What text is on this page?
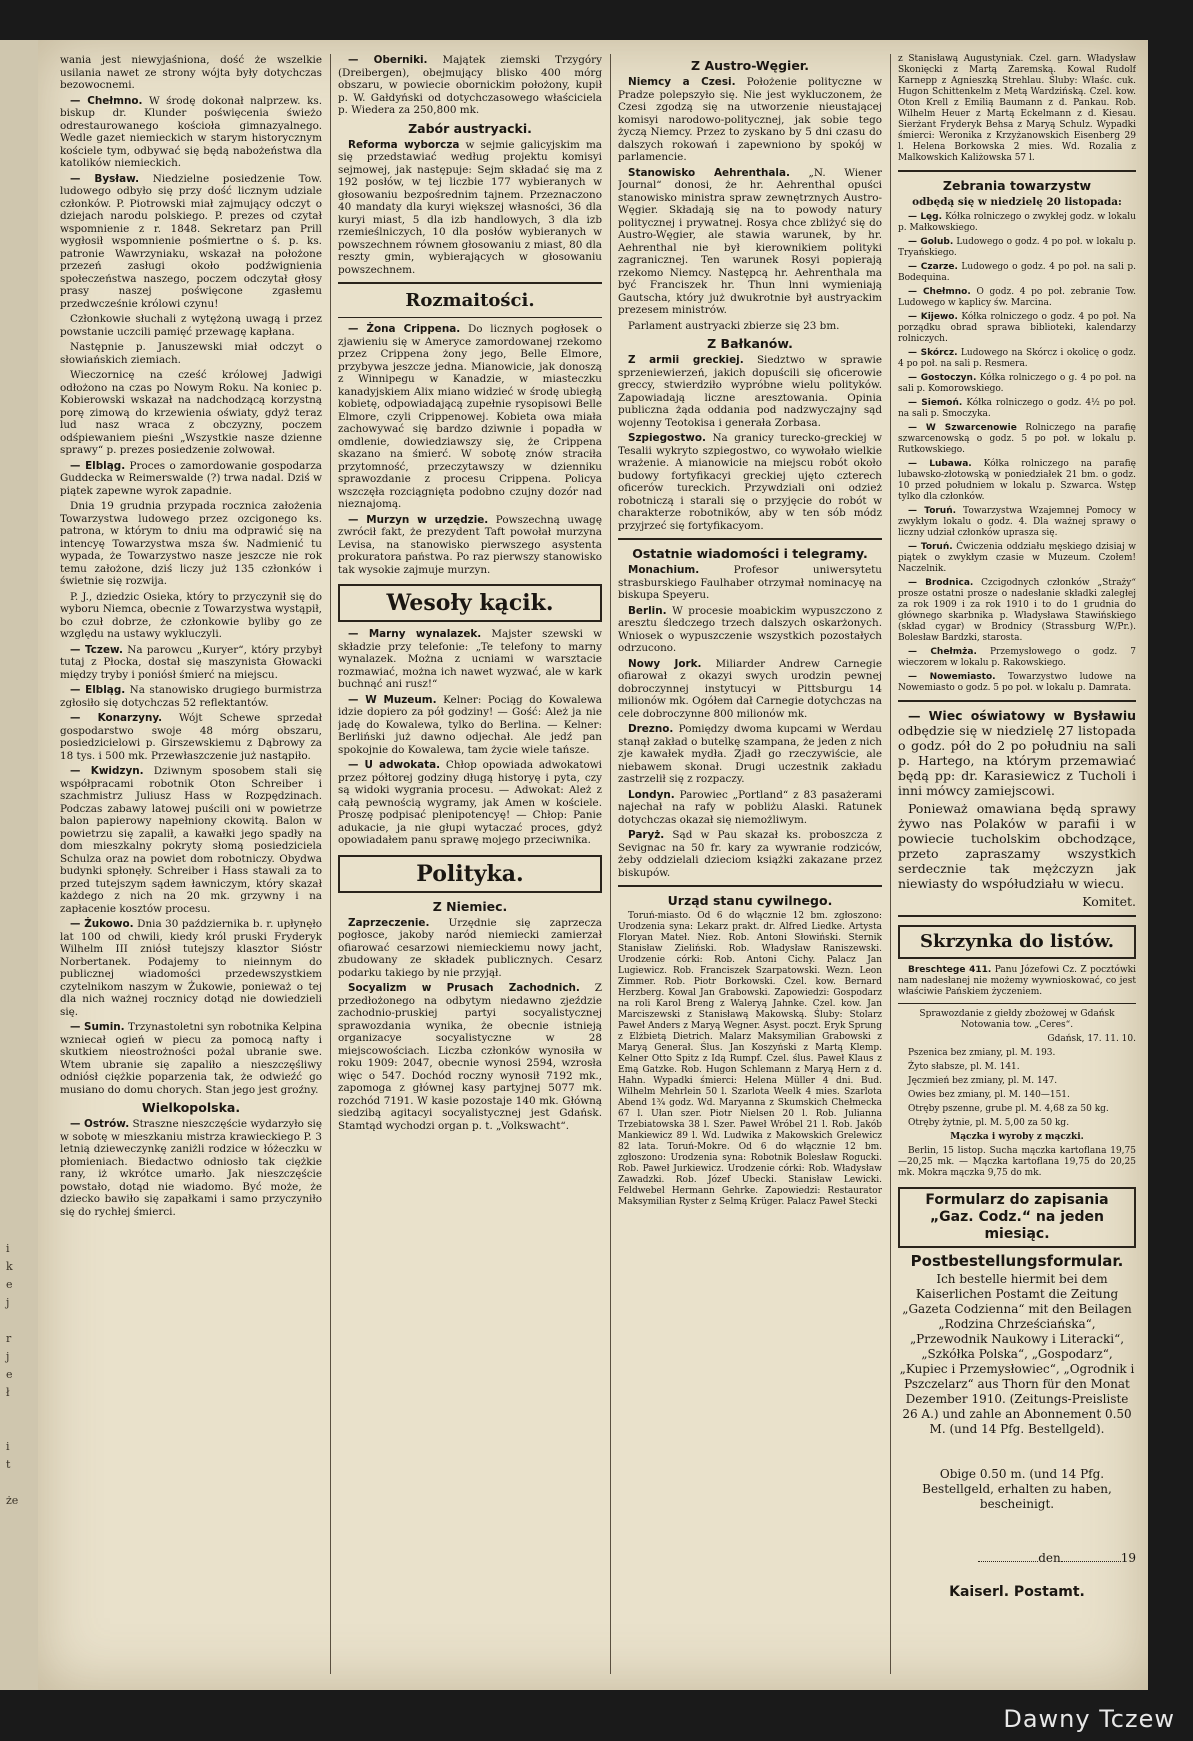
i
k
e
j

r
j
e
ł

i
t

że

wania jest niewyjaśniona, dość że wszelkie usilania nawet ze strony wójta były dotychczas bezowocnemi.

— Chełmno. W środę dokonał nalprzew. ks. biskup dr. Klunder poświęcenia świeżo odrestaurowanego kościoła gimnazyalnego. Wedle gazet niemieckich w starym historycznym kościele tym, odbywać się będą nabożeństwa dla katolików niemieckich.

— Bysław. Niedzielne posiedzenie Tow. ludowego odbyło się przy dość licznym udziale członków. P. Piotrowski miał zajmujący odczyt o dziejach narodu polskiego. P. prezes od czytał wspomnienie z r. 1848. Sekretarz pan Prill wygłosił wspomnienie pośmiertne o ś. p. ks. patronie Wawrzyniaku, wskazał na położone przezeń zasługi około podźwignienia społeczeństwa naszego, poczem odczytał głosy prasy naszej poświęcone zgasłemu przedwcześnie królowi czynu!

Członkowie słuchali z wytężoną uwagą i przez powstanie uczcili pamięć przewagę kapłana.

Następnie p. Januszewski miał odczyt o słowiańskich ziemiach.

Wieczornicę na cześć królowej Jadwigi odłożono na czas po Nowym Roku. Na koniec p. Kobierowski wskazał na nadchodzącą korzystną porę zimową do krzewienia oświaty, gdyż teraz lud nasz wraca z obczyzny, poczem odśpiewaniem pieśni „Wszystkie nasze dzienne sprawy“ p. prezes posiedzenie zolwował.

— Elbląg. Proces o zamordowanie gospodarza Guddecka w Reimerswalde (?) trwa nadal. Dziś w piątek zapewne wyrok zapadnie.

Dnia 19 grudnia przypada rocznica założenia Towarzystwa ludowego przez ozcigonego ks. patrona, w którym to dniu ma odprawić się na intencyę Towarzystwa msza św. Nadmienić tu wypada, że Towarzystwo nasze jeszcze nie rok temu założone, dziś liczy już 135 członków i świetnie się rozwija.

P. J., dziedzic Osieka, który to przyczynił się do wyboru Niemca, obecnie z Towarzystwa wystąpił, bo czuł dobrze, że członkowie byliby go ze względu na ustawy wykluczyli.

— Tczew. Na parowcu „Kuryer“, który przybył tutaj z Płocka, dostał się maszynista Głowacki między tryby i poniósł śmierć na miejscu.

— Elbląg. Na stanowisko drugiego burmistrza zgłosiło się dotychczas 52 reflektantów.

— Konarzyny. Wójt Schewe sprzedał gospodarstwo swoje 48 mórg obszaru, posiedzicielowi p. Girszewskiemu z Dąbrowy za 18 tys. i 500 mk. Przewłaszczenie już nastąpiło.

— Kwidzyn. Dziwnym sposobem stali się współpracami robotnik Oton Schreiber i szachmistrz Juliusz Hass w Rozpędzinach. Podczas zabawy latowej puścili oni w powietrze balon papierowy napełniony ckowitą. Balon w powietrzu się zapalił, a kawałki jego spadły na dom mieszkalny pokryty słomą posiedziciela Schulza oraz na powiet dom robotniczy. Obydwa budynki spłonęły. Schreiber i Hass stawali za to przed tutejszym sądem ławniczym, który skazał każdego z nich na 20 mk. grzywny i na zapłacenie kosztów procesu.

— Żukowo. Dnia 30 października b. r. upłynęło lat 100 od chwili, kiedy król pruski Fryderyk Wilhelm III zniósł tutejszy klasztor Sióstr Norbertanek. Podajemy to nieinnym do publicznej wiadomości przedewszystkiem czytelnikom naszym w Żukowie, ponieważ o tej dla nich ważnej rocznicy dotąd nie dowiedzieli się.

— Sumin. Trzynastoletni syn robotnika Kelpina wzniecał ogień w piecu za pomocą nafty i skutkiem nieostrożności pożal ubranie swe. Wtem ubranie się zapaliło a nieszczęśliwy odniósł ciężkie poparzenia tak, że odwieźć go musiano do domu chorych. Stan jego jest groźny.

Wielkopolska.

— Ostrów. Straszne nieszczęście wydarzyło się w sobotę w mieszkaniu mistrza krawieckiego P. 3 letnią dzieweczynkę zaniżli rodzice w łóżeczku w płomieniach. Biedactwo odniosło tak ciężkie rany, iż wkrótce umarło. Jak nieszczęście powstało, dotąd nie wiadomo. Być może, że dziecko bawiło się zapałkami i samo przyczyniło się do rychłej śmierci.

— Oberniki. Majątek ziemski Trzygóry (Dreibergen), obejmujący blisko 400 mórg obszaru, w powiecie obornickim położony, kupił p. W. Gałdyński od dotychczasowego właściciela p. Wiedera za 250,800 mk.

Zabór austryacki.

Reforma wyborcza w sejmie galicyjskim ma się przedstawiać według projektu komisyi sejmowej, jak następuje: Sejm składać się ma z 192 posłów, w tej liczbie 177 wybieranych w głosowaniu bezpośrednim tajnem. Przeznaczono 40 mandaty dla kuryi większej własności, 36 dla kuryi miast, 5 dla izb handlowych, 3 dla izb rzemieślniczych, 10 dla posłów wybieranych w powszechnem równem głosowaniu z miast, 80 dla reszty gmin, wybierających w głosowaniu powszechnem.

Rozmaitości.

— Żona Crippena. Do licznych pogłosek o zjawieniu się w Ameryce zamordowanej rzekomo przez Crippena żony jego, Belle Elmore, przybywa jeszcze jedna. Mianowicie, jak donoszą z Winnipegu w Kanadzie, w miasteczku kanadyjskiem Alix miano widzieć w środę ubiegłą kobietę, odpowiadającą zupełnie rysopisowi Belle Elmore, czyli Crippenowej. Kobieta owa miała zachowywać się bardzo dziwnie i popadła w omdlenie, dowiedziawszy się, że Crippena skazano na śmierć. W sobotę znów straciła przytomność, przeczytawszy w dzienniku sprawozdanie z procesu Crippena. Policya wszczęła rozciągnięta podobno czujny dozór nad nieznajomą.

— Murzyn w urzędzie. Powszechną uwagę zwrócił fakt, że prezydent Taft powołał murzyna Levisa, na stanowisko pierwszego asystenta prokuratora państwa. Po raz pierwszy stanowisko tak wysokie zajmuje murzyn.

Wesoły kącik.

— Marny wynalazek. Majster szewski w składzie przy telefonie: „Te telefony to marny wynalazek. Można z ucniami w warsztacie rozmawiać, można ich nawet wyzwać, ale w kark buchnąć ani rusz!“

— W Muzeum. Kelner: Pociąg do Kowalewa idzie dopiero za pół godziny! — Gość: Ależ ja nie jadę do Kowalewa, tylko do Berlina. — Kelner: Berliński już dawno odjechał. Ale jedź pan spokojnie do Kowalewa, tam życie wiele tańsze.

— U adwokata. Chłop opowiada adwokatowi przez półtorej godziny długą historyę i pyta, czy są widoki wygrania procesu. — Adwokat: Ależ z całą pewnością wygramy, jak Amen w kościele. Proszę podpisać plenipotencyę! — Chłop: Panie adukacie, ja nie głupi wytaczać proces, gdyż opowiadałem panu sprawę mojego przeciwnika.

Polityka.
Z Niemiec.

Zaprzeczenie. Urzędnie się zaprzecza pogłosce, jakoby naród niemiecki zamierzał ofiarować cesarzowi niemieckiemu nowy jacht, zbudowany ze składek publicznych. Cesarz podarku takiego by nie przyjął.

Socyalizm w Prusach Zachodnich. Z przedłożonego na odbytym niedawno zjeździe zachodnio-pruskiej partyi socyalistycznej sprawozdania wynika, że obecnie istnieją organizacye socyalistyczne w 28 miejscowościach. Liczba członków wynosiła w roku 1909: 2047, obecnie wynosi 2594, wzrosła więc o 547. Dochód roczny wynosił 7192 mk., zapomoga z głównej kasy partyjnej 5077 mk. rozchód 7191. W kasie pozostaje 140 mk. Główną siedzibą agitacyi socyalistycznej jest Gdańsk. Stamtąd wychodzi organ p. t. „Volkswacht“.

Z Austro-Węgier.

Niemcy a Czesi. Położenie polityczne w Pradze polepszyło się. Nie jest wykluczonem, że Czesi zgodzą się na utworzenie nieustającej komisyi narodowo-politycznej, jak sobie tego życzą Niemcy. Przez to zyskano by 5 dni czasu do dalszych rokowań i zapewniono by spokój w parlamencie.

Stanowisko Aehrenthala. „N. Wiener Journal“ donosi, że hr. Aehrenthal opuści stanowisko ministra spraw zewnętrznych Austro-Węgier. Składają się na to powody natury politycznej i prywatnej. Rosya chce zbliżyć się do Austro-Węgier, ale stawia warunek, by hr. Aehrenthal nie był kierownikiem polityki zagranicznej. Ten warunek Rosyi popierają rzekomo Niemcy. Następcą hr. Aehrenthala ma być Franciszek hr. Thun lnni wymieniają Gautscha, który już dwukrotnie był austryackim prezesem ministrów.

Parlament austryacki zbierze się 23 bm.

Z Bałkanów.

Z armii greckiej. Siedztwo w sprawie sprzeniewierzeń, jakich dopuścili się oficerowie greccy, stwierdziło wypróbne wielu polityków. Zapowiadają liczne aresztowania. Opinia publiczna żąda oddania pod nadzwyczajny sąd wojenny Teotokisa i generała Zorbasa.

Szpiegostwo. Na granicy turecko-greckiej w Tesalii wykryto szpiegostwo, co wywołało wielkie wrażenie. A mianowicie na miejscu robót około budowy fortyfikacyi greckiej ujęto czterech oficerów tureckich. Przywdziali oni odzież robotniczą i starali się o przyjęcie do robót w charakterze robotników, aby w ten sób módz przyjrzeć się fortyfikacyom.

Ostatnie wiadomości i telegramy.

Monachium.	Profesor uniwersytetu strasburskiego Faulhaber otrzymał nominacyę na biskupa Speyeru.

Berlin. W procesie moabickim wypuszczono z aresztu śledczego trzech dalszych oskarżonych. Wniosek o wypuszczenie wszystkich pozostałych odrzucono.

Nowy Jork. Miliarder Andrew Carnegie ofiarował z okazyi swych urodzin pewnej dobroczynnej instytucyi w Pittsburgu 14 milionów mk. Ogółem dał Carnegie dotychczas na cele dobroczynne 800 milionów mk.

Drezno. Pomiędzy dwoma kupcami w Werdau stanął zakład o butelkę szampana, że jeden z nich zje kawałek mydła. Zjadł go rzeczywiście, ale niebawem skonał. Drugi uczestnik zakładu zastrzelił się z rozpaczy.

Londyn. Parowiec „Portland“ z 83 pasażerami najechał na rafy w pobliżu Alaski. Ratunek dotychczas okazał się niemożliwym.

Paryż. Sąd w Pau skazał ks. proboszcza z Sevignac na 50 fr. kary za wywranie rodziców, żeby oddzielali dzieciom książki zakazane przez biskupów.

Urząd stanu cywilnego.

Toruń-miasto. Od 6 do włącznie 12 bm. zgłoszono: Urodzenia syna: Lekarz prakt. dr. Alfred Liedke. Artysta Floryan Mateł. Niez. Rob. Antoni Słowiński. Sternik Stanisław Zieliński. Rob. Władysław Raniszewski. Urodzenie córki: Rob. Antoni Cichy. Palacz Jan Lugiewicz. Rob. Franciszek Szarpatowski. Wezn. Leon Zimmer. Rob. Piotr Borkowski. Czel. kow. Bernard Herzberg. Kowal Jan Grabowski. Zapowiedzi: Gospodarz na roli Karol Breng z Waleryą Jahnke. Czel. kow. Jan Marciszewski z Stanisławą Makowską. Śluby: Stolarz Paweł Anders z Maryą Wegner. Asyst. poczt. Eryk Sprung z Elżbietą Dietrich. Malarz Maksymilian Grabowski z Maryą Generał. Ślus. Jan Koszyński z Martą Klemp. Kelner Otto Spitz z Idą Rumpf. Czel. ślus. Paweł Klaus z Emą Gatzke. Rob. Hugon Schlemann z Maryą Hern z d. Hahn. Wypadki śmierci: Helena Müller 4 dni. Bud. Wilhelm Mehrlein 50 l. Szarlota Weelk 4 mies. Szarlota Abend 1¾ godz. Wd. Maryanna z Skumskich Chełmecka 67 l. Ułan szer. Piotr Nielsen 20 l. Rob. Julianna Trzebiatowska 38 l. Szer. Paweł Wróbel 21 l. Rob. Jakób Mankiewicz 89 l. Wd. Ludwika z Makowskich Grelewicz 82 lata. Toruń-Mokre. Od 6 do włącznie 12 bm. zgłoszono: Urodzenia syna: Robotnik Bolesław Rogucki. Rob. Paweł Jurkiewicz. Urodzenie córki: Rob. Władysław Zawadzki. Rob. Józef Ubecki. Stanisław Lewicki. Feldwebel Hermann Gehrke. Zapowiedzi: Restaurator Maksymilian Ryster z Selmą Krüger. Palacz Paweł Stecki

z Stanisławą Augustyniak. Czel. garn. Władysław Skonięcki z Martą Zaremską. Kowal Rudolf Karnepp z Agnieszką Strehlau. Śluby: Właśc. cuk. Hugon Schittenkelm z Metą Wardzińską. Czel. kow. Oton Krell z Emilią Baumann z d. Pankau. Rob. Wilhelm Heuer z Martą Eckelmann z d. Kiesau. Sierżant Fryderyk Behsa z Maryą Schulz. Wypadki śmierci: Weronika z Krzyżanowskich Eisenberg 29 l. Helena Borkowska 2 mies. Wd. Rozalia z Malkowskich Kaliżowska 57 l.

Zebrania towarzystw

odbędą się w niedzielę 20 listopada:

— Lęg. Kółka rolniczego o zwykłej godz. w lokalu p. Małkowskiego.

— Golub. Ludowego o godz. 4 po poł. w lokalu p. Tryańskiego.

— Czarze. Ludowego o godz. 4 po poł. na sali p. Bodequina.

— Chełmno. O godz. 4 po poł. zebranie Tow. Ludowego w kaplicy św. Marcina.

— Kijewo. Kółka rolniczego o godz. 4 po poł. Na porządku obrad sprawa biblioteki, kalendarzy rolniczych.

— Skórcz. Ludowego na Skórcz i okolicę o godz. 4 po poł. na sali p. Resmera.

— Gostoczyn. Kółka rolniczego o g. 4 po poł. na sali p. Komorowskiego.

— Siemoń. Kółka rolniczego o godz. 4½ po poł. na sali p. Smoczyka.

— W Szwarcenowie Rolniczego na parafię szwarcenowską o godz. 5 po poł. w lokalu p. Rutkowskiego.

— Lubawa. Kółka rolniczego na parafię lubawsko-złotowską w poniedziałek 21 bm. o godz. 10 przed południem w lokalu p. Szwarca. Wstęp tylko dla członków.

— Toruń. Towarzystwa Wzajemnej Pomocy w zwykłym lokalu o godz. 4. Dla ważnej sprawy o liczny udział członków uprasza się.

— Toruń. Ćwiczenia oddziału męskiego dzisiaj w piątek o zwykłym czasie w Muzeum. Czołem! Naczelnik.

— Brodnica. Czcigodnych członków „Straży“ prosze ostatni prosze o nadesłanie składki zaległej za rok 1909 i za rok 1910 i to do 1 grudnia do głównego skarbnika p. Władysława Stawińskiego (skład cygar) w Brodnicy (Strassburg W/Pr.). Bolesław Bardzki, starosta.

— Chełmża. Przemysłowego o godz. 7 wieczorem w lokalu p. Rakowskiego.

— Nowemiasto. Towarzystwo ludowe na Nowemiasto o godz. 5 po poł. w lokalu p. Damrata.

— Wiec oświatowy w Bysławiu odbędzie się w niedzielę 27 listopada o godz. pół do 2 po południu na sali p. Hartego, na którym przemawiać będą pp: dr. Karasiewicz z Tucholi i inni mówcy zamiejscowi.

Ponieważ omawiana będą sprawy żywo nas Polaków w parafii i w powiecie tucholskim obchodzące, przeto zapraszamy wszystkich serdecznie tak mężczyzn jak niewiasty do współudziału w wiecu.

Komitet.

Skrzynka do listów.

Breschtege 411. Panu Józefowi Cz. Z pocztówki nam nadesłanej nie możemy wywnioskować, co jest właściwie Pańskiem życzeniem.

Sprawozdanie z giełdy zbożowej w Gdańsk Notowania tow. „Ceres“.

Gdańsk, 17. 11. 10.

Pszenica bez zmiany, pl. M. 193.

Żyto słabsze, pl. M. 141.

Jęczmień bez zmiany, pl. M. 147.

Owies bez zmiany, pl. M. 140—151.

Otręby pszenne, grube pl. M. 4,68 za 50 kg.

Otręby żytnie, pl. M. 5,00 za 50 kg.

Mączka i wyroby z mączki.

Berlin, 15 listop. Sucha mączka kartoflana 19,75—20,25 mk. — Mączka kartoflana 19,75 do 20,25 mk. Mokra mączka 9,75 do mk.

Formularz do zapisania „Gaz. Codz.“ na jeden miesiąc.
Postbestellungsformular.

Ich bestelle hiermit bei dem Kaiserlichen Postamt die Zeitung „Gazeta Codzienna“ mit den Beilagen „Rodzina Chrześciańska“, „Przewodnik Naukowy i Literacki“, „Szkółka Polska“, „Gospodarz“, „Kupiec i Przemysłowiec“, „Ogrodnik i Pszczelarz“ aus Thorn für den Monat Dezember 1910. (Zeitungs-Preisliste 26 A.) und zahle an Abonnement 0.50 M. (und 14 Pfg. Bestellgeld).

Obige 0.50 m. (und 14 Pfg. Bestellgeld, erhalten zu haben, bescheinigt.

den	19
Kaiserl. Postamt.
Dawny Tczew
